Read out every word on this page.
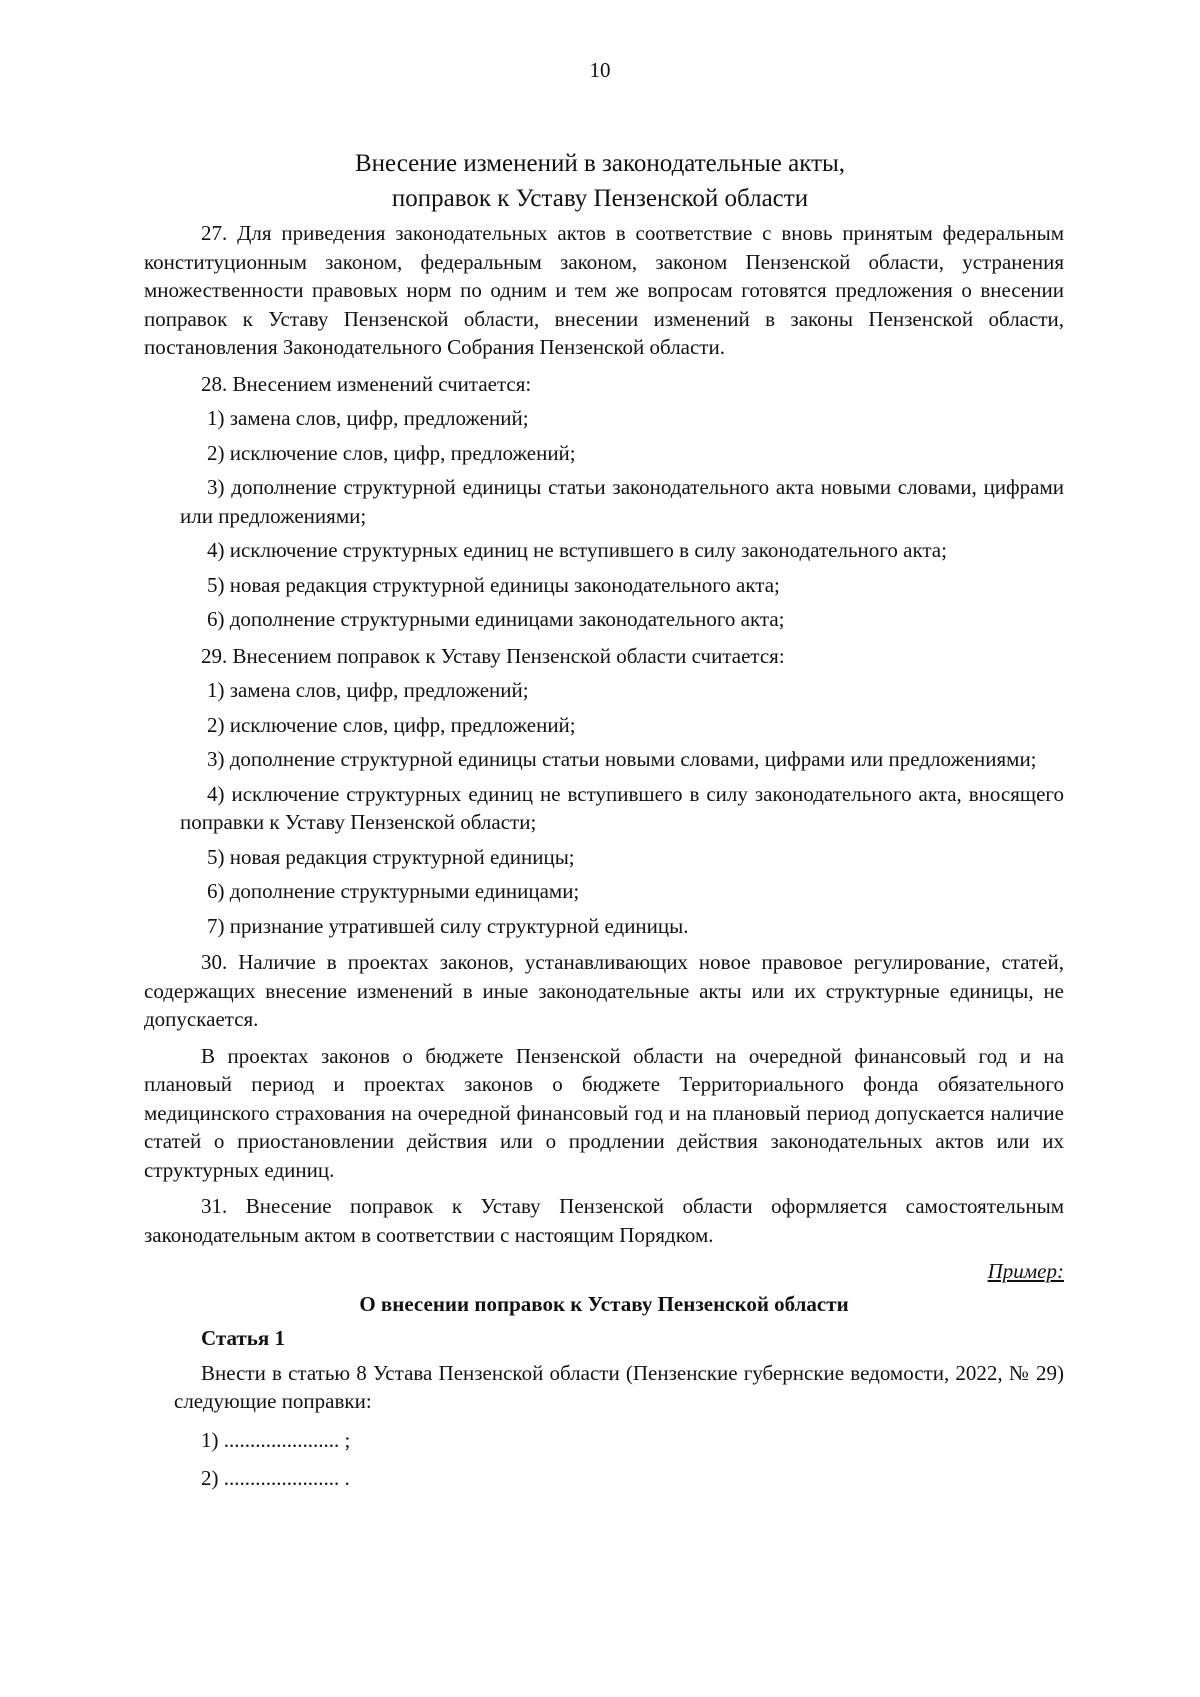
10
Внесение изменений в законодательные акты,
поправок к Уставу Пензенской области

27. Для приведения законодательных актов в соответствие с вновь принятым федеральным конституционным законом, федеральным законом, законом Пензенской области, устранения множественности правовых норм по одним и тем же вопросам готовятся предложения о внесении поправок к Уставу Пензенской области, внесении изменений в законы Пензенской области, постановления Законодательного Собрания Пензенской области.

28. Внесением изменений считается:

1) замена слов, цифр, предложений;

2) исключение слов, цифр, предложений;

3) дополнение структурной единицы статьи законодательного акта новыми словами, цифрами или предложениями;

4) исключение структурных единиц не вступившего в силу законодательного акта;

5) новая редакция структурной единицы законодательного акта;

6) дополнение структурными единицами законодательного акта;

29. Внесением поправок к Уставу Пензенской области считается:

1) замена слов, цифр, предложений;

2) исключение слов, цифр, предложений;

3) дополнение структурной единицы статьи новыми словами, цифрами или предложениями;

4) исключение структурных единиц не вступившего в силу законодательного акта, вносящего поправки к Уставу Пензенской области;

5) новая редакция структурной единицы;

6) дополнение структурными единицами;

7) признание утратившей силу структурной единицы.

30. Наличие в проектах законов, устанавливающих новое правовое регулирование, статей, содержащих внесение изменений в иные законодательные акты или их структурные единицы, не допускается.

В проектах законов о бюджете Пензенской области на очередной финансовый год и на плановый период и проектах законов о бюджете Территориального фонда обязательного медицинского страхования на очередной финансовый год и на плановый период допускается наличие статей о приостановлении действия или о продлении действия законодательных актов или их структурных единиц.

31. Внесение поправок к Уставу Пензенской области оформляется самостоятельным законодательным актом в соответствии с настоящим Порядком.

Пример:

О внесении поправок к Уставу Пензенской области

Статья 1

Внести в статью 8 Устава Пензенской области (Пензенские губернские ведомости, 2022, № 29) следующие поправки:

1) ...................... ;

2) ...................... .
